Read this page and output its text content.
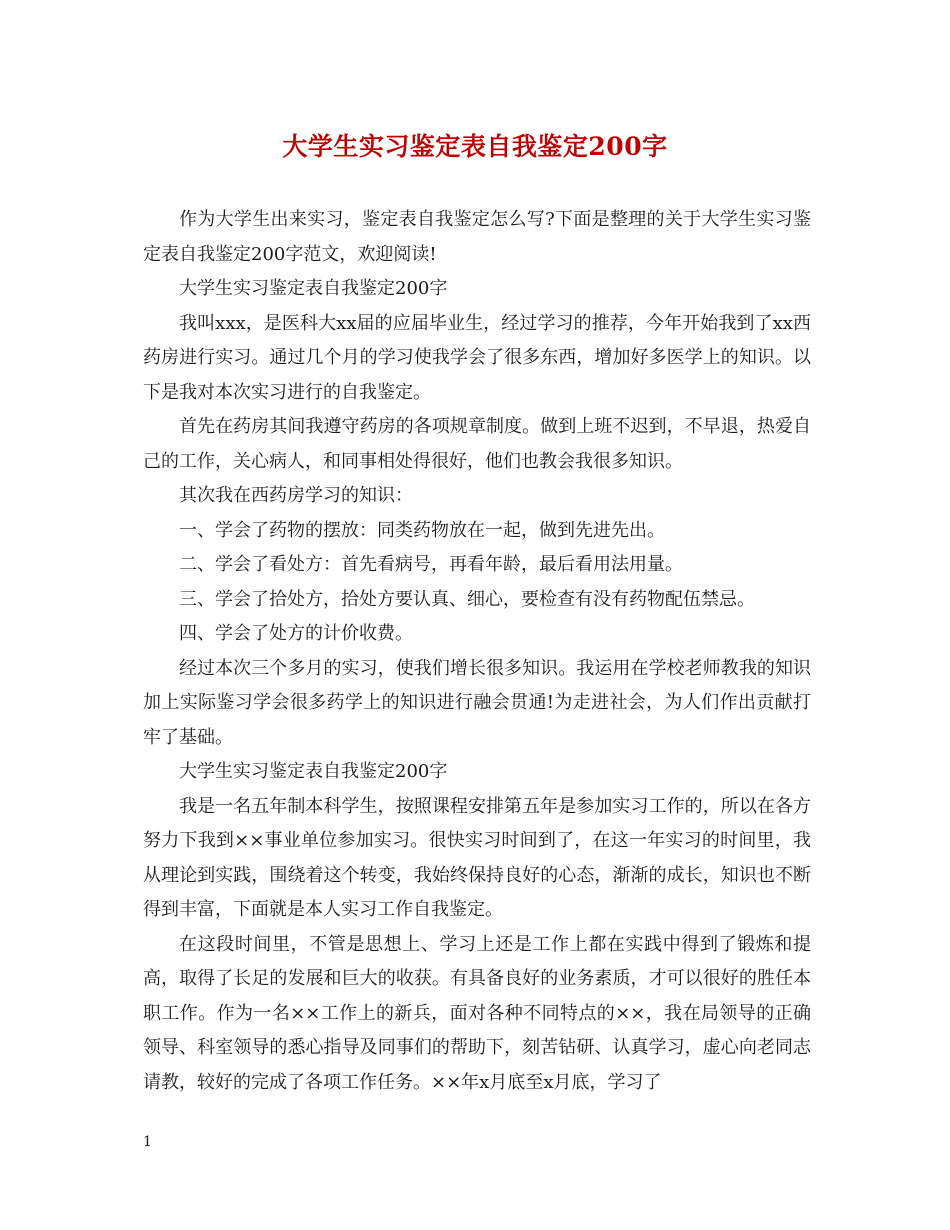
大学生实习鉴定表自我鉴定200字

作为大学生出来实习，鉴定表自我鉴定怎么写?下面是整理的关于大学生实习鉴定表自我鉴定200字范文，欢迎阅读!

大学生实习鉴定表自我鉴定200字

我叫xxx，是医科大xx届的应届毕业生，经过学习的推荐，今年开始我到了xx西药房进行实习。通过几个月的学习使我学会了很多东西，增加好多医学上的知识。以下是我对本次实习进行的自我鉴定。

首先在药房其间我遵守药房的各项规章制度。做到上班不迟到，不早退，热爱自己的工作，关心病人，和同事相处得很好，他们也教会我很多知识。

其次我在西药房学习的知识：

一、学会了药物的摆放：同类药物放在一起，做到先进先出。

二、学会了看处方：首先看病号，再看年龄，最后看用法用量。

三、学会了拾处方，拾处方要认真、细心，要检查有没有药物配伍禁忌。

四、学会了处方的计价收费。

经过本次三个多月的实习，使我们增长很多知识。我运用在学校老师教我的知识加上实际鉴习学会很多药学上的知识进行融会贯通!为走进社会，为人们作出贡献打牢了基础。

大学生实习鉴定表自我鉴定200字

我是一名五年制本科学生，按照课程安排第五年是参加实习工作的，所以在各方努力下我到××事业单位参加实习。很快实习时间到了，在这一年实习的时间里，我从理论到实践，围绕着这个转变，我始终保持良好的心态，渐渐的成长，知识也不断得到丰富，下面就是本人实习工作自我鉴定。

在这段时间里，不管是思想上、学习上还是工作上都在实践中得到了锻炼和提高，取得了长足的发展和巨大的收获。有具备良好的业务素质，才可以很好的胜任本职工作。作为一名××工作上的新兵，面对各种不同特点的××，我在局领导的正确领导、科室领导的悉心指导及同事们的帮助下，刻苦钻研、认真学习，虚心向老同志请教，较好的完成了各项工作任务。××年x月底至x月底，学习了

1
